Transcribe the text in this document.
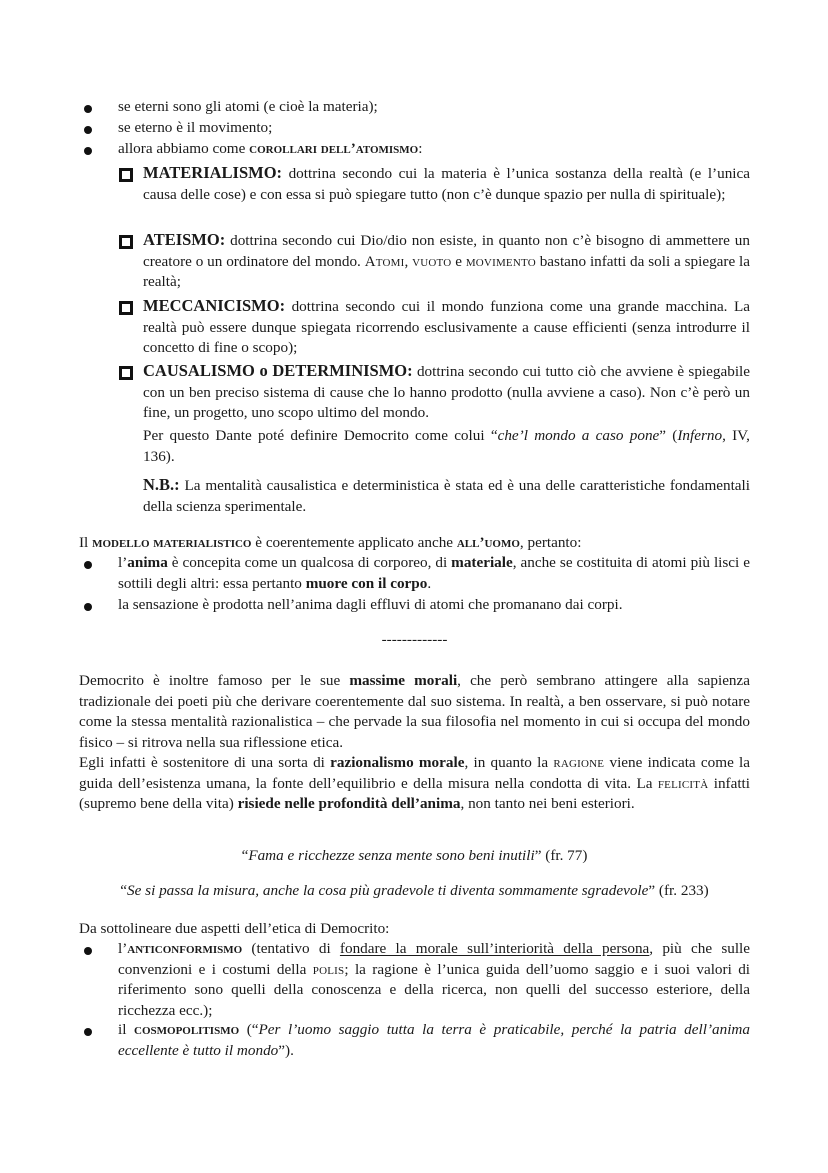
se eterni sono gli atomi (e cioè la materia);
se eterno è il movimento;
allora abbiamo come corollari dell’atomismo:
MATERIALISMO: dottrina secondo cui la materia è l’unica sostanza della realtà (e l’unica causa delle cose) e con essa si può spiegare tutto (non c’è dunque spazio per nulla di spirituale);
ATEISMO: dottrina secondo cui Dio/dio non esiste, in quanto non c’è bisogno di ammettere un creatore o un ordinatore del mondo. Atomi, vuoto e movimento bastano infatti da soli a spiegare la realtà;
MECCANICISMO: dottrina secondo cui il mondo funziona come una grande macchina. La realtà può essere dunque spiegata ricorrendo esclusivamente a cause efficienti (senza introdurre il concetto di fine o scopo);
CAUSALISMO o DETERMINISMO: dottrina secondo cui tutto ciò che avviene è spiegabile con un ben preciso sistema di cause che lo hanno prodotto (nulla avviene a caso). Non c’è però un fine, un progetto, uno scopo ultimo del mondo.
Per questo Dante poté definire Democrito come colui “che’l mondo a caso pone” (Inferno, IV, 136).
N.B.: La mentalità causalistica e deterministica è stata ed è una delle caratteristiche fondamentali della scienza sperimentale.
Il modello materialistico è coerentemente applicato anche all’uomo, pertanto:
l’anima è concepita come un qualcosa di corporeo, di materiale, anche se costituita di atomi più lisci e sottili degli altri: essa pertanto muore con il corpo.
la sensazione è prodotta nell’anima dagli effluvi di atomi che promanano dai corpi.
-------------
Democrito è inoltre famoso per le sue massime morali, che però sembrano attingere alla sapienza tradizionale dei poeti più che derivare coerentemente dal suo sistema. In realtà, a ben osservare, si può notare come la stessa mentalità razionalistica – che pervade la sua filosofia nel momento in cui si occupa del mondo fisico – si ritrova nella sua riflessione etica.
Egli infatti è sostenitore di una sorta di razionalismo morale, in quanto la ragione viene indicata come la guida dell’esistenza umana, la fonte dell’equilibrio e della misura nella condotta di vita. La felicità infatti (supremo bene della vita) risiede nelle profondità dell’anima, non tanto nei beni esteriori.
“Fama e ricchezze senza mente sono beni inutili” (fr. 77)
“Se si passa la misura, anche la cosa più gradevole ti diventa sommamente sgradevole” (fr. 233)
Da sottolineare due aspetti dell’etica di Democrito:
l’anticonformismo (tentativo di fondare la morale sull’interiorità della persona, più che sulle convenzioni e i costumi della polis; la ragione è l’unica guida dell’uomo saggio e i suoi valori di riferimento sono quelli della conoscenza e della ricerca, non quelli del successo esteriore, della ricchezza ecc.);
il cosmopolitismo (“Per l’uomo saggio tutta la terra è praticabile, perché la patria dell’anima eccellente è tutto il mondo”).
